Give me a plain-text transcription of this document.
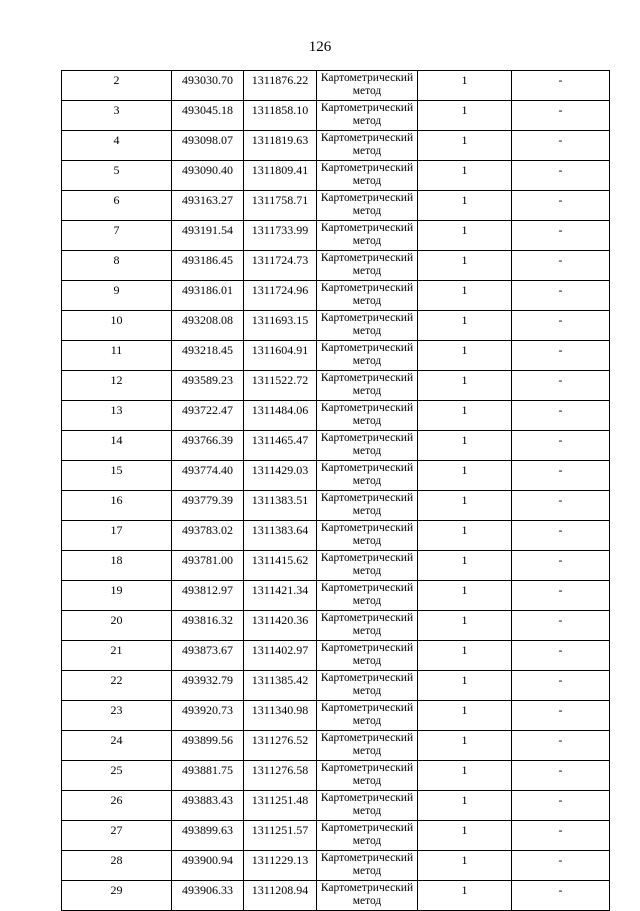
126
2	493030.70	1311876.22	Картометрический метод	1	-
3	493045.18	1311858.10	Картометрический метод	1	-
4	493098.07	1311819.63	Картометрический метод	1	-
5	493090.40	1311809.41	Картометрический метод	1	-
6	493163.27	1311758.71	Картометрический метод	1	-
7	493191.54	1311733.99	Картометрический метод	1	-
8	493186.45	1311724.73	Картометрический метод	1	-
9	493186.01	1311724.96	Картометрический метод	1	-
10	493208.08	1311693.15	Картометрический метод	1	-
11	493218.45	1311604.91	Картометрический метод	1	-
12	493589.23	1311522.72	Картометрический метод	1	-
13	493722.47	1311484.06	Картометрический метод	1	-
14	493766.39	1311465.47	Картометрический метод	1	-
15	493774.40	1311429.03	Картометрический метод	1	-
16	493779.39	1311383.51	Картометрический метод	1	-
17	493783.02	1311383.64	Картометрический метод	1	-
18	493781.00	1311415.62	Картометрический метод	1	-
19	493812.97	1311421.34	Картометрический метод	1	-
20	493816.32	1311420.36	Картометрический метод	1	-
21	493873.67	1311402.97	Картометрический метод	1	-
22	493932.79	1311385.42	Картометрический метод	1	-
23	493920.73	1311340.98	Картометрический метод	1	-
24	493899.56	1311276.52	Картометрический метод	1	-
25	493881.75	1311276.58	Картометрический метод	1	-
26	493883.43	1311251.48	Картометрический метод	1	-
27	493899.63	1311251.57	Картометрический метод	1	-
28	493900.94	1311229.13	Картометрический метод	1	-
29	493906.33	1311208.94	Картометрический метод	1	-
